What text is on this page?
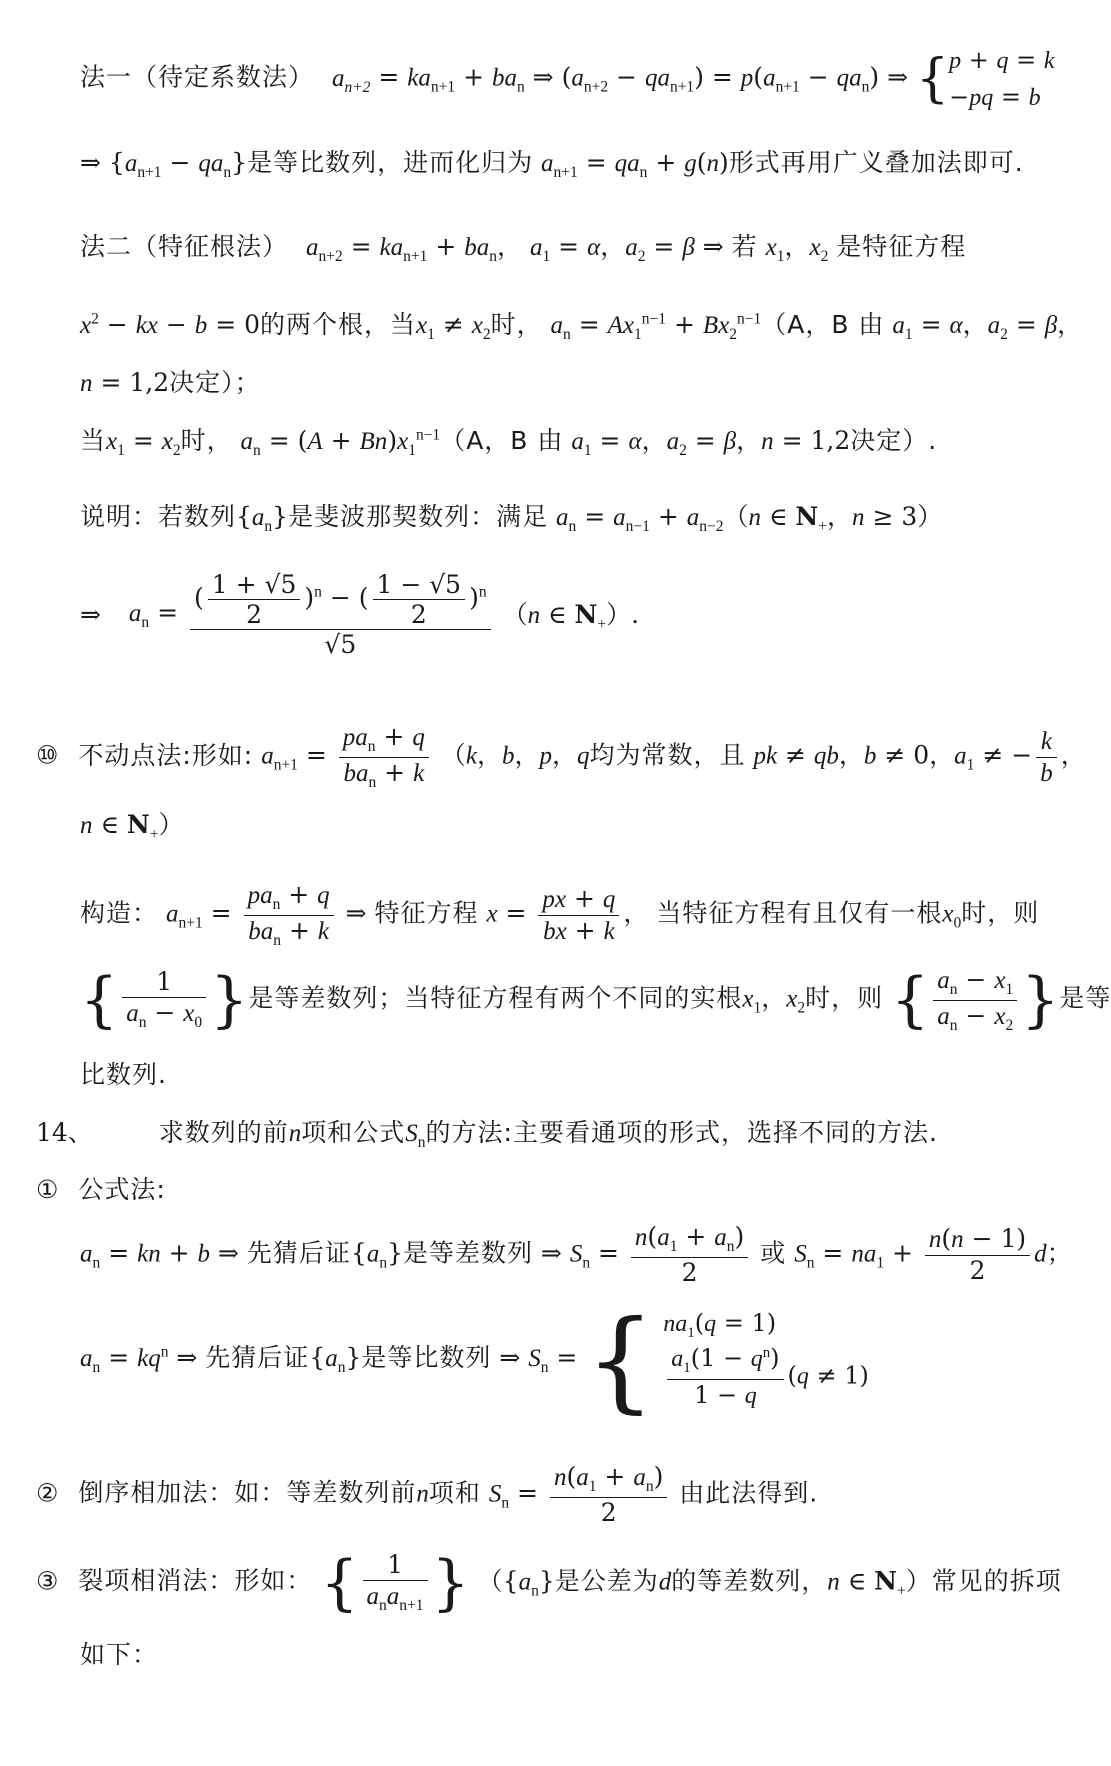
法一（待定系数法） $a_{n+2} = ka_{n+1} + ba_n$ ⇒ $(a_{n+2} - qa_{n+1}) = p(a_{n+1} - qa_n)$ ⇒ {p + q = k
−pq = b
⇒ $\{a_{n+1} - qa_n\}$是等比数列，进而化归为 $a_{n+1} = qa_n + g(n)$形式再用广义叠加法即可.
法二（特征根法） $a_{n+2} = ka_{n+1} + ba_n$， $a_1 = \alpha$，$a_2 = \beta$ ⇒ 若 $x_1$，$x_2$ 是特征方程
$x^2$ − kx − b = 0的两个根，当$x_1 \ne x_2$时， $a_n = Ax_1^{n-1} + Bx_2^{n-1}(A$，B 由 $a_1 = \alpha$，$a_2 = \beta$，
n = 1,2决定）；
当$x_1 = x_2$时， $a_n = (A + Bn)x_1^{n-1}(A$，B 由 $a_1 = \alpha$，$a_2 = \beta$，n = 1,2决定）.
说明：若数列$\{a_n\}$是斐波那契数列：满足 $a_n = a_{n-1} + a_{n-2}(n$ ∈ $N_+$，n ≥ 3）
⇒ $a_n = \frac{( \frac{1 + √5}{2} )^n - ( \frac{1 - √5}{2} )^n}{√5} (n$ ∈ $N_+$）.
⑩ 不动点法:形如: $a_{n+1} = \frac{pa_n + q}{ba_n + k} (k$，b，p，q均为常数，且 pk ≠ qb，b ≠ 0，$a_1$ ≠ − $\frac{k}{b}$ ，
n ∈ $N_+$）
构造： $a_{n+1} = \frac{pa_n + q}{ba_n + k}$ ⇒ 特征方程 $x = \frac{px + q}{bx + k}$ ， 当特征方程有且仅有一根$x_0$时，则
{ $\frac{1}{a_n - x_0}$ }是等差数列；当特征方程有两个不同的实根$x_1$，$x_2$时，则 { $\frac{a_n - x_1}{a_n - x_2}$ }是等
比数列.
14、	求数列的前n项和公式$S_n$的方法:主要看通项的形式，选择不同的方法.
① 公式法:
$a_n$ = kn + b ⇒ 先猜后证$\{a_n\}$是等差数列 ⇒ $S_n = \frac{n(a_1 + a_n)}{2}$ 或 $S_n = na_1 + \frac{n(n - 1)}{2}$ d；
$a_n = kq^n$ ⇒ 先猜后证$\{a_n\}$是等比数列 ⇒ $S_n$ = { $na_1(q = 1)$

$\frac{a_1(1 - q^n)}{1 - q} (q \ne 1)$
② 倒序相加法：如：等差数列前n项和 $S_n = \frac{n(a_1 + a_n)}{2}$ 由此法得到.
③ 裂项相消法：形如： { $\frac{1}{a_na_{n+1}}$ } （$\{a_n\}$是公差为d的等差数列，n ∈ $N_+$）常见的拆项
如下：
